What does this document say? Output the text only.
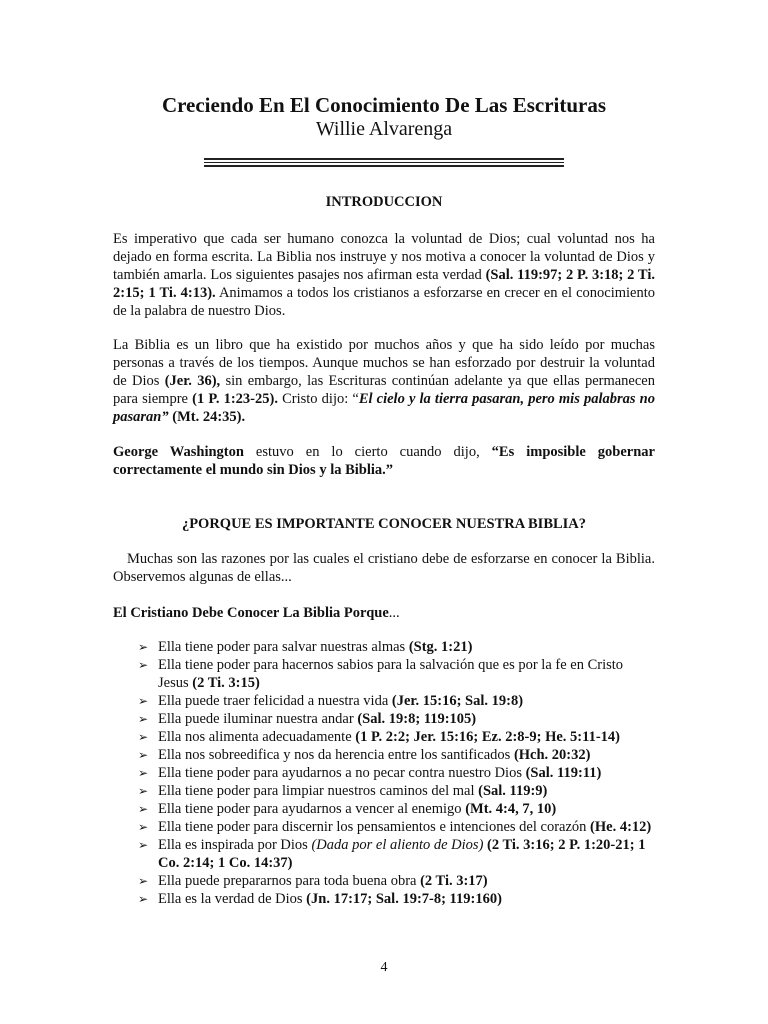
Creciendo En El Conocimiento De Las Escrituras
Willie Alvarenga
INTRODUCCION

Es imperativo que cada ser humano conozca la voluntad de Dios; cual voluntad nos ha dejado en forma escrita. La Biblia nos instruye y nos motiva a conocer la voluntad de Dios y también amarla. Los siguientes pasajes nos afirman esta verdad (Sal. 119:97; 2 P. 3:18; 2 Ti. 2:15; 1 Ti. 4:13). Animamos a todos los cristianos a esforzarse en crecer en el conocimiento de la palabra de nuestro Dios.

La Biblia es un libro que ha existido por muchos años y que ha sido leído por muchas personas a través de los tiempos. Aunque muchos se han esforzado por destruir la voluntad de Dios (Jer. 36), sin embargo, las Escrituras continúan adelante ya que ellas permanecen para siempre (1 P. 1:23-25). Cristo dijo: “El cielo y la tierra pasaran, pero mis palabras no pasaran” (Mt. 24:35).

George Washington estuvo en lo cierto cuando dijo, “Es imposible gobernar correctamente el mundo sin Dios y la Biblia.”

¿PORQUE ES IMPORTANTE CONOCER NUESTRA BIBLIA?

Muchas son las razones por las cuales el cristiano debe de esforzarse en conocer la Biblia. Observemos algunas de ellas...

El Cristiano Debe Conocer La Biblia Porque...
➢ Ella tiene poder para salvar nuestras almas (Stg. 1:21)
➢ Ella tiene poder para hacernos sabios para la salvación que es por la fe en Cristo Jesus (2 Ti. 3:15)
➢ Ella puede traer felicidad a nuestra vida (Jer. 15:16; Sal. 19:8)
➢ Ella puede iluminar nuestra andar (Sal. 19:8; 119:105)
➢ Ella nos alimenta adecuadamente (1 P. 2:2; Jer. 15:16; Ez. 2:8-9; He. 5:11-14)
➢ Ella nos sobreedifica y nos da herencia entre los santificados (Hch. 20:32)
➢ Ella tiene poder para ayudarnos a no pecar contra nuestro Dios (Sal. 119:11)
➢ Ella tiene poder para limpiar nuestros caminos del mal (Sal. 119:9)
➢ Ella tiene poder para ayudarnos a vencer al enemigo (Mt. 4:4, 7, 10)
➢ Ella tiene poder para discernir los pensamientos e intenciones del corazón (He. 4:12)
➢ Ella es inspirada por Dios (Dada por el aliento de Dios) (2 Ti. 3:16; 2 P. 1:20-21; 1 Co. 2:14; 1 Co. 14:37)
➢ Ella puede prepararnos para toda buena obra (2 Ti. 3:17)
➢ Ella es la verdad de Dios (Jn. 17:17; Sal. 19:7-8; 119:160)
4
